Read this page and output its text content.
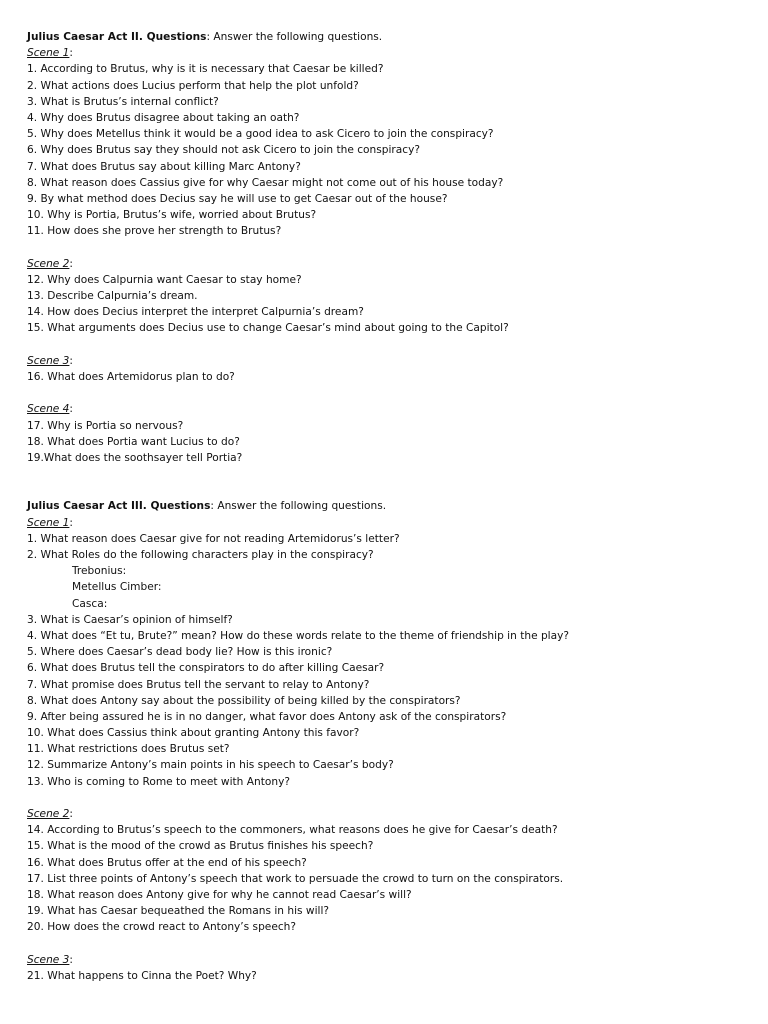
Julius Caesar Act II. Questions: Answer the following questions.
Scene 1:
1. According to Brutus, why is it is necessary that Caesar be killed?
2. What actions does Lucius perform that help the plot unfold?
3. What is Brutus’s internal conflict?
4. Why does Brutus disagree about taking an oath?
5. Why does Metellus think it would be a good idea to ask Cicero to join the conspiracy?
6. Why does Brutus say they should not ask Cicero to join the conspiracy?
7. What does Brutus say about killing Marc Antony?
8. What reason does Cassius give for why Caesar might not come out of his house today?
9. By what method does Decius say he will use to get Caesar out of the house?
10. Why is Portia, Brutus’s wife, worried about Brutus?
11. How does she prove her strength to Brutus?
Scene 2:
12. Why does Calpurnia want Caesar to stay home?
13. Describe Calpurnia’s dream.
14. How does Decius interpret the interpret Calpurnia’s dream?
15. What arguments does Decius use to change Caesar’s mind about going to the Capitol?
Scene 3:
16. What does Artemidorus plan to do?
Scene 4:
17. Why is Portia so nervous?
18. What does Portia want Lucius to do?
19.What does the soothsayer tell Portia?
Julius Caesar Act III. Questions: Answer the following questions.
Scene 1:
1. What reason does Caesar give for not reading Artemidorus’s letter?
2. What Roles do the following characters play in the conspiracy?
Trebonius:
Metellus Cimber:
Casca:
3. What is Caesar’s opinion of himself?
4. What does “Et tu, Brute?” mean? How do these words relate to the theme of friendship in the play?
5. Where does Caesar’s dead body lie? How is this ironic?
6. What does Brutus tell the conspirators to do after killing Caesar?
7. What promise does Brutus tell the servant to relay to Antony?
8. What does Antony say about the possibility of being killed by the conspirators?
9. After being assured he is in no danger, what favor does Antony ask of the conspirators?
10. What does Cassius think about granting Antony this favor?
11. What restrictions does Brutus set?
12. Summarize Antony’s main points in his speech to Caesar’s body?
13. Who is coming to Rome to meet with Antony?
Scene 2:
14. According to Brutus’s speech to the commoners, what reasons does he give for Caesar’s death?
15. What is the mood of the crowd as Brutus finishes his speech?
16. What does Brutus offer at the end of his speech?
17. List three points of Antony’s speech that work to persuade the crowd to turn on the conspirators.
18. What reason does Antony give for why he cannot read Caesar’s will?
19. What has Caesar bequeathed the Romans in his will?
20. How does the crowd react to Antony’s speech?
Scene 3:
21. What happens to Cinna the Poet? Why?
